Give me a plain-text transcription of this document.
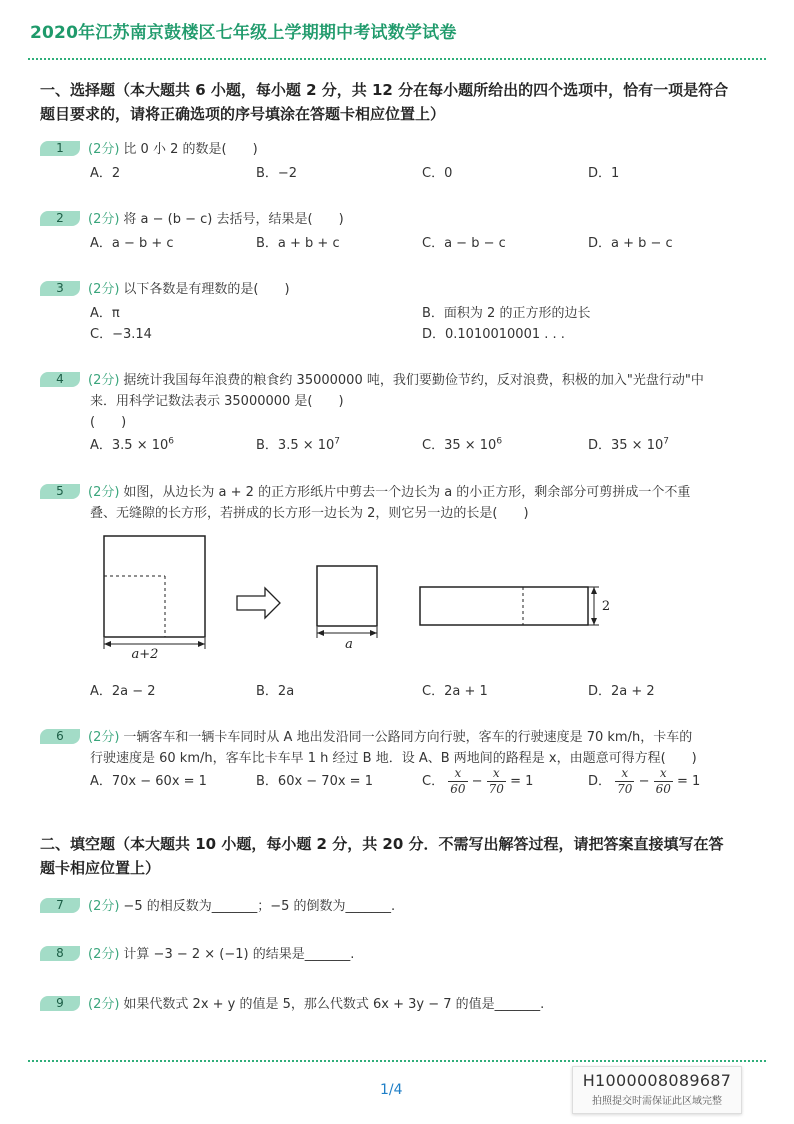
2020年江苏南京鼓楼区七年级上学期期中考试数学试卷
一、选择题（本大题共 6 小题，每小题 2 分，共 12 分在每小题所给出的四个选项中，恰有一项是符合
题目要求的，请将正确选项的序号填涂在答题卡相应位置上）
1 (2分) 比 0 小 2 的数是(　　)
A．2	B．−2	C．0	D．1
2 (2分) 将 a − (b − c) 去括号，结果是(　　)
A．a − b + c	B．a + b + c	C．a − b − c	D．a + b − c
3 (2分) 以下各数是有理数的是(　　)
A．π	B．面积为 2 的正方形的边长
C．−3.14	D．0.1010010001 . . .
4 (2分) 据统计我国每年浪费的粮食约 35000000 吨，我们要勤俭节约，反对浪费，积极的加入"光盘行动"中
来．用科学记数法表示 35000000 是(　　)
(　　)
A．$3.5 \times 10^6$	B．$3.5 \times 10^7$	C．$35 \times 10^6$	D．$35 \times 10^7$
5 (2分) 如图，从边长为 a + 2 的正方形纸片中剪去一个边长为 a 的小正方形，剩余部分可剪拼成一个不重
叠、无缝隙的长方形，若拼成的长方形一边长为 2，则它另一边的长是(　　)
a+2
a
2
A．2a − 2	B．2a	C．2a + 1	D．2a + 2
6 (2分) 一辆客车和一辆卡车同时从 A 地出发沿同一公路同方向行驶，客车的行驶速度是 70 km/h，卡车的
行驶速度是 60 km/h，客车比卡车早 1 h 经过 B 地．设 A、B 两地间的路程是 x，由题意可得方程(　　)
A．70x − 60x = 1	B．60x − 70x = 1	C． $\frac{x}{60} - \frac{x}{70} = 1$	D． $\frac{x}{70} - \frac{x}{60} = 1$
二、填空题（本大题共 10 小题，每小题 2 分，共 20 分．不需写出解答过程，请把答案直接填写在答
题卡相应位置上）
7 (2分) −5 的相反数为_______；−5 的倒数为_______.
8 (2分) 计算 −3 − 2 × (−1) 的结果是_______.
9 (2分) 如果代数式 2x + y 的值是 5，那么代数式 6x + 3y − 7 的值是_______.
1/4	H1000008089687
拍照提交时需保证此区域完整
